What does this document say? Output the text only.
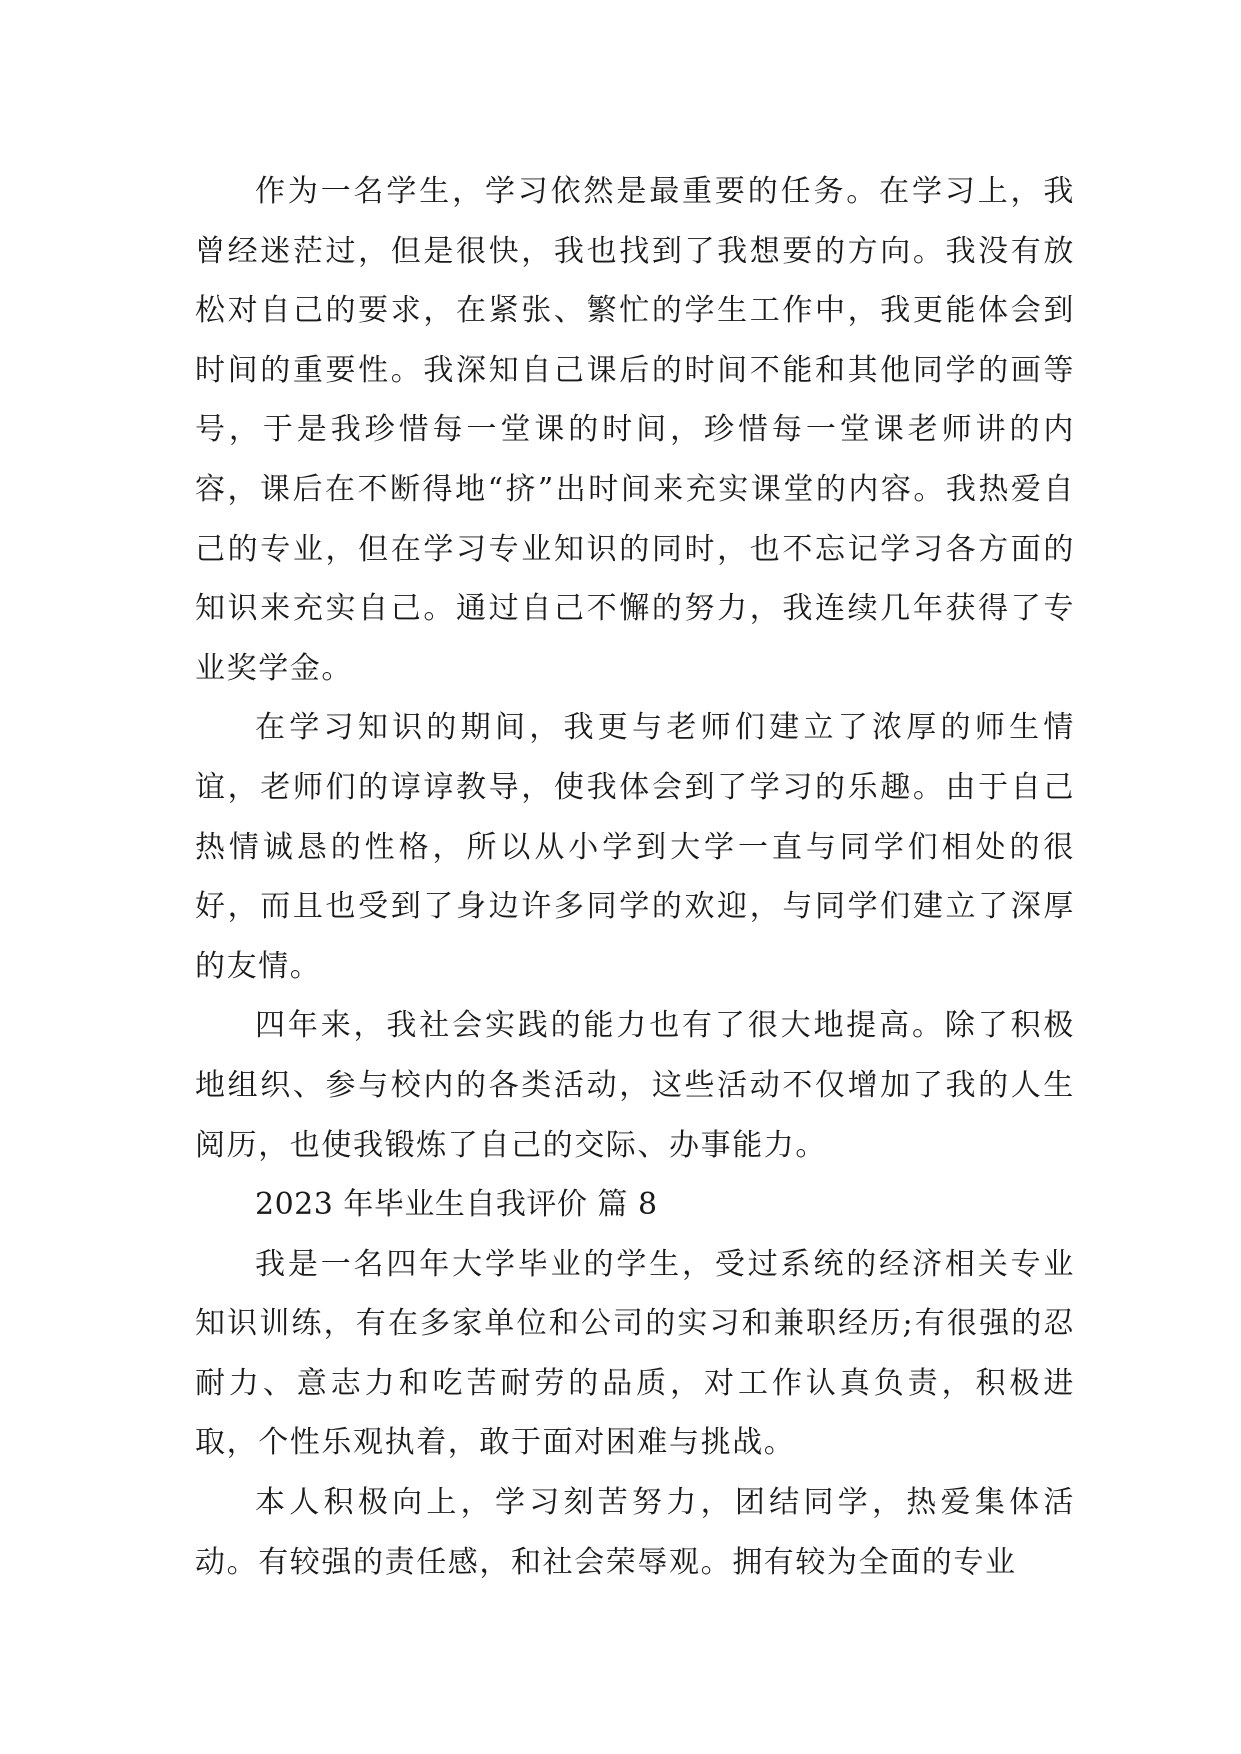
作为一名学生，学习依然是最重要的任务。在学习上，我曾经迷茫过，但是很快，我也找到了我想要的方向。我没有放松对自己的要求，在紧张、繁忙的学生工作中，我更能体会到时间的重要性。我深知自己课后的时间不能和其他同学的画等号，于是我珍惜每一堂课的时间，珍惜每一堂课老师讲的内容，课后在不断得地“挤”出时间来充实课堂的内容。我热爱自己的专业，但在学习专业知识的同时，也不忘记学习各方面的知识来充实自己。通过自己不懈的努力，我连续几年获得了专业奖学金。

在学习知识的期间，我更与老师们建立了浓厚的师生情谊，老师们的谆谆教导，使我体会到了学习的乐趣。由于自己热情诚恳的性格，所以从小学到大学一直与同学们相处的很好，而且也受到了身边许多同学的欢迎，与同学们建立了深厚的友情。

四年来，我社会实践的能力也有了很大地提高。除了积极地组织、参与校内的各类活动，这些活动不仅增加了我的人生阅历，也使我锻炼了自己的交际、办事能力。

2023 年毕业生自我评价 篇 8

我是一名四年大学毕业的学生，受过系统的经济相关专业知识训练，有在多家单位和公司的实习和兼职经历;有很强的忍耐力、意志力和吃苦耐劳的品质，对工作认真负责，积极进取，个性乐观执着，敢于面对困难与挑战。

本人积极向上，学习刻苦努力，团结同学，热爱集体活动。有较强的责任感，和社会荣辱观。拥有较为全面的专业
